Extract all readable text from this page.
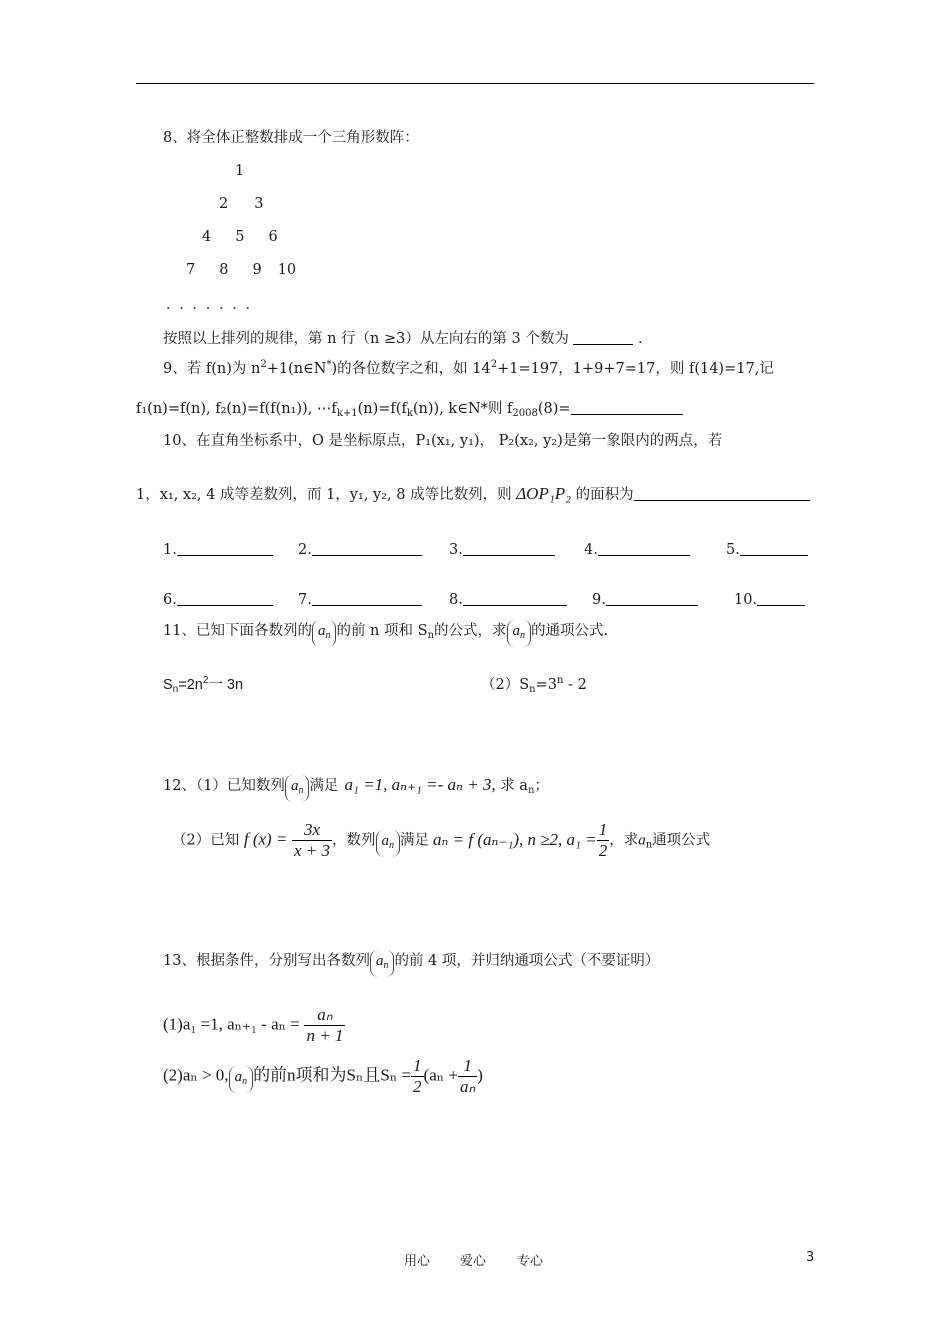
8、将全体正整数排成一个三角形数阵：
1
2 3
4 5 6
7 8 9 10
．．．．．．．
按照以上排列的规律，第 n 行（n ≥3）从左向右的第 3 个数为	.
9、若 f(n)为 $n^2+1(n\in N^*)$的各位数字之和，如 $14^2+1=197$，1+9+7=17，则 f(14)=17,记
f₁(n)=f(n), f₂(n)=f(f(n₁)), $\cdots f_{k+1}(n)=f(f_k(n))$, k∈N*则 $f_{2008}(8)=$
10、在直角坐标系中，O 是坐标原点，P₁(x₁, y₁)， P₂(x₂, y₂)是第一象限内的两点，若
1，x₁, x₂, 4 成等差数列，而 1，y₁, y₂, 8 成等比数列，则 ΔOP₁P₂ 的面积为
1.	2.	3.	4.	5.
6.	7.	8.	9.	10.
11、已知下面各数列的 $a_n$ 的前 n 项和 $S_n$的公式，求 $a_n$ 的通项公式.
$S_n=2n^2$一 3n	$(2)S_n=3^n - 2$
12、（1）已知数列 $a_n$ 满足 a₁ =1, aₙ₊₁ =- aₙ + 3, 求 $a_n$；
（2）已知 f $(x) = \frac{3x}{x + 3}$ ，数列 $a_n$ 满足 aₙ = f (aₙ₋₁), n ≥2, $a_1 = \frac{1}{2}$ ，求$a_n$通项公式
13、根据条件，分别写出各数列 $a_n$ 的前 4 项，并归纳通项公式（不要证明）
(1)a₁ =1, $a_{n+1} - a_n = \frac{\text{aₙ}}{n + 1}$
(2)aₙ > 0, $a_n$ 的前n项和为Sₙ且$S_n = \frac{1}{2} (a_n + \frac{1}{\text{aₙ}}$ )
用心 爱心 专心	3
